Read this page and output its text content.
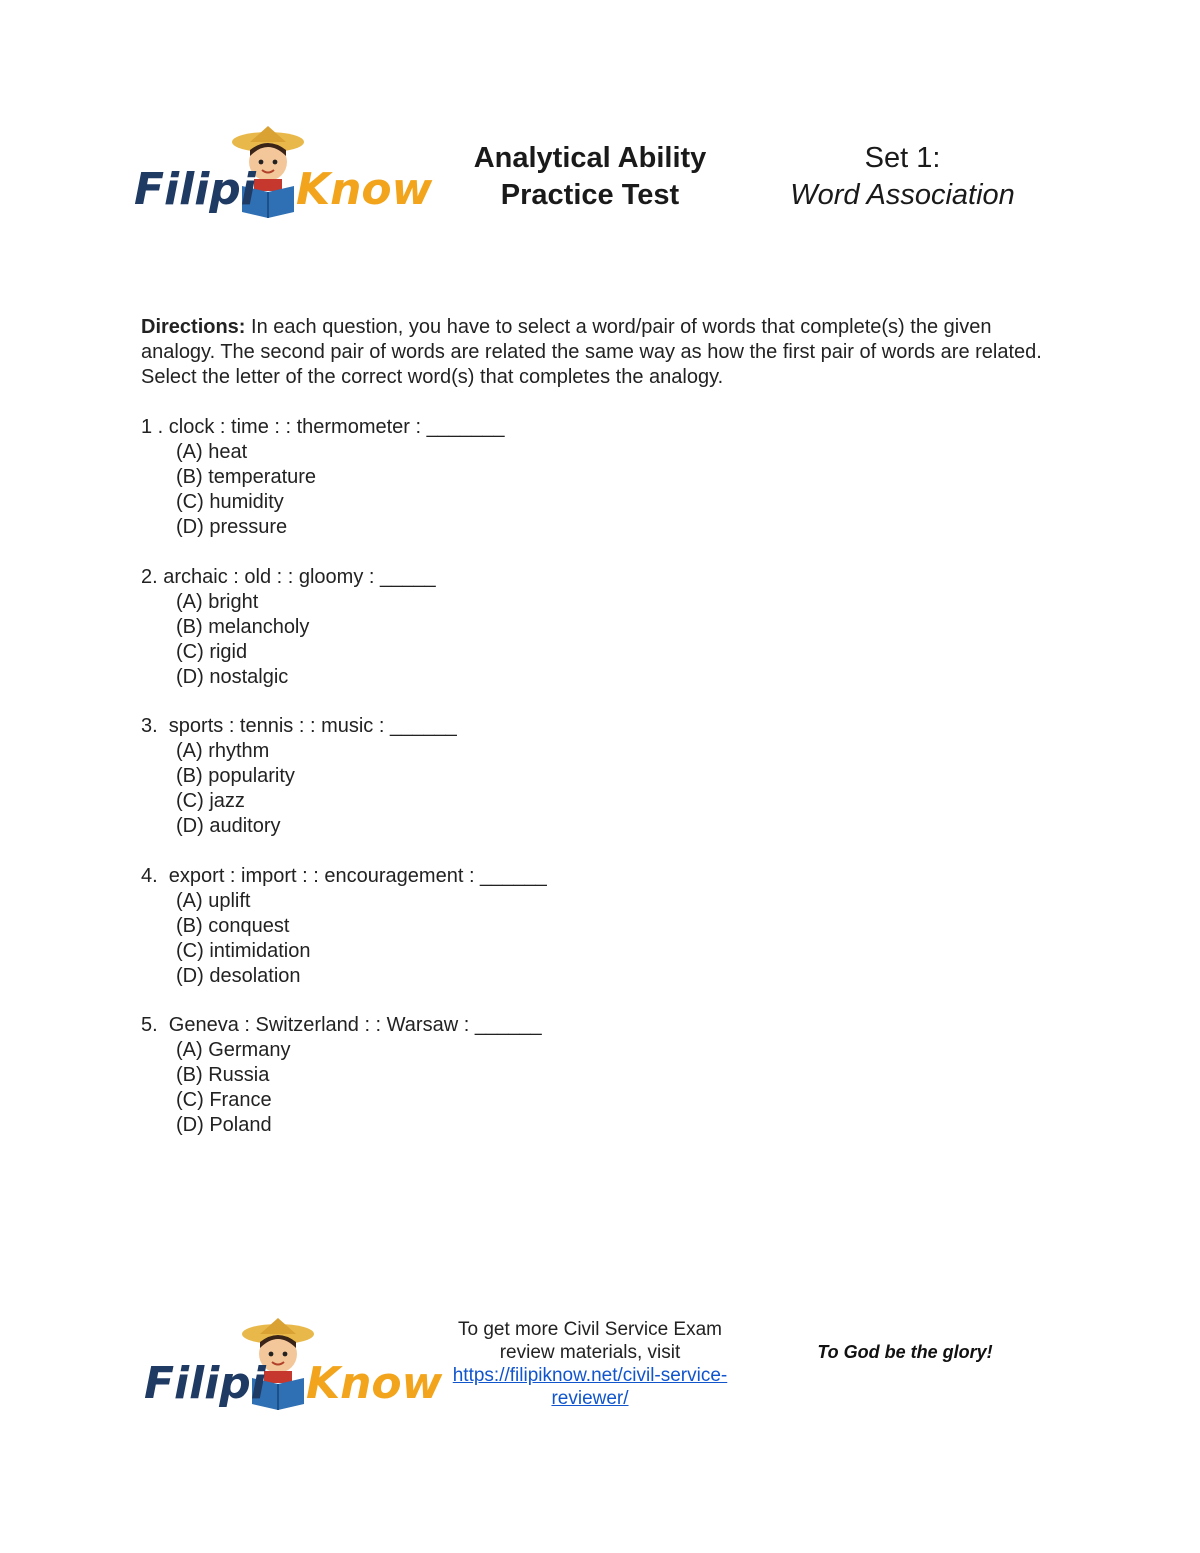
Filipi Know
Analytical Ability
Practice Test
Set 1:
Word Association
Directions: In each question, you have to select a word/pair of words that complete(s) the given analogy. The second pair of words are related the same way as how the first pair of words are related. Select the letter of the correct word(s) that completes the analogy.
1 . clock : time : : thermometer : _______
(A) heat
(B) temperature
(C) humidity
(D) pressure
2. archaic : old : : gloomy : _____
(A) bright
(B) melancholy
(C) rigid
(D) nostalgic
3.  sports : tennis : : music : ______
(A) rhythm
(B) popularity
(C) jazz
(D) auditory
4.  export : import : : encouragement : ______
(A) uplift
(B) conquest
(C) intimidation
(D) desolation
5.  Geneva : Switzerland : : Warsaw : ______
(A) Germany
(B) Russia
(C) France
(D) Poland
Filipi Know
To get more Civil Service Exam
review materials, visit
https://filipiknow.net/civil-service-
reviewer/
To God be the glory!
